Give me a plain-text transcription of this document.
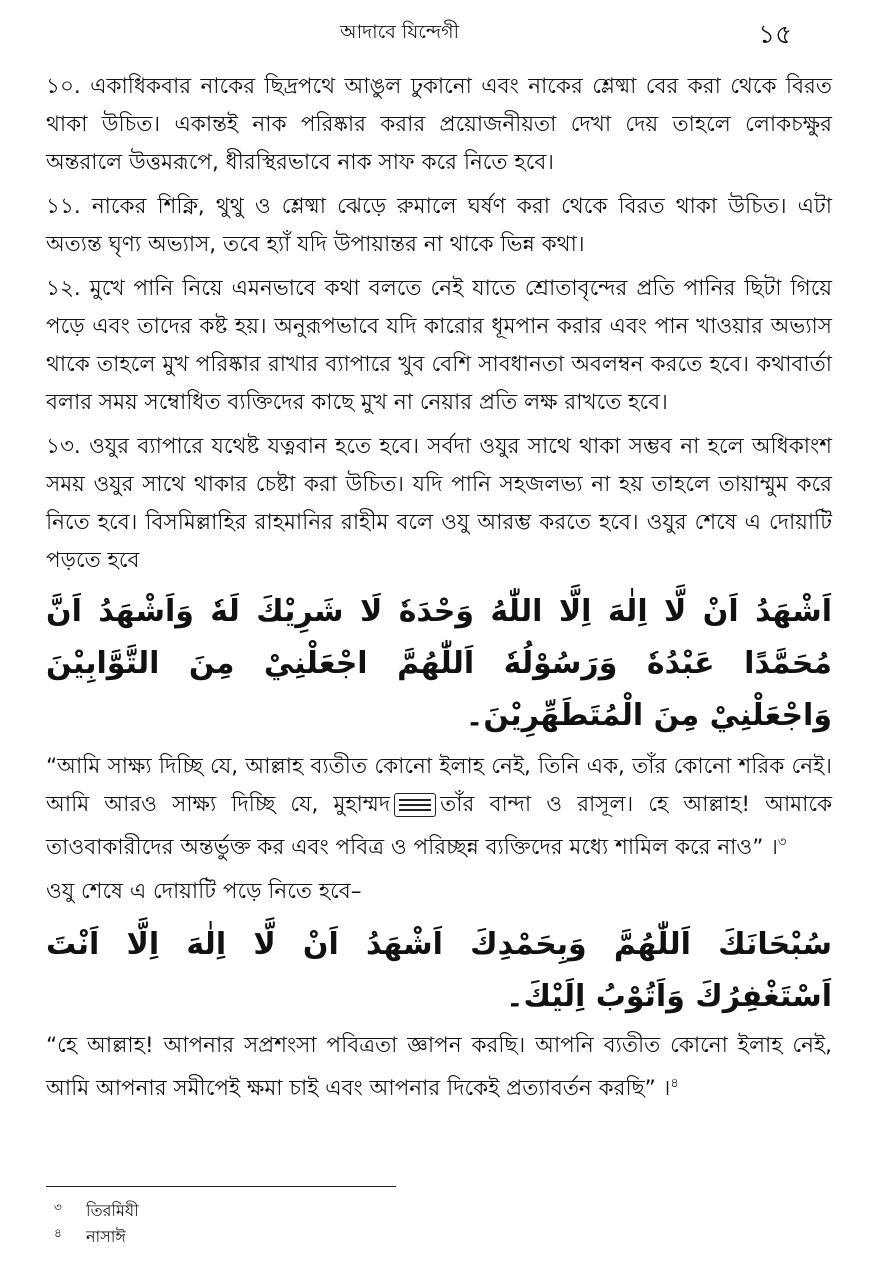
আদাবে যিন্দেগী	১৫

১০. একাধিকবার নাকের ছিদ্রপথে আঙুল ঢুকানো এবং নাকের শ্লেষ্মা বের করা থেকে বিরত থাকা উচিত। একান্তই নাক পরিষ্কার করার প্রয়োজনীয়তা দেখা দেয় তাহলে লোকচক্ষুর অন্তরালে উত্তমরূপে, ধীরস্থিরভাবে নাক সাফ করে নিতে হবে।

১১. নাকের শিক্নি, থুথু ও শ্লেষ্মা ঝেড়ে রুমালে ঘর্ষণ করা থেকে বিরত থাকা উচিত। এটা অত্যন্ত ঘৃণ্য অভ্যাস, তবে হ্যাঁ যদি উপায়ান্তর না থাকে ভিন্ন কথা।

১২. মুখে পানি নিয়ে এমনভাবে কথা বলতে নেই যাতে শ্রোতাবৃন্দের প্রতি পানির ছিটা গিয়ে পড়ে এবং তাদের কষ্ট হয়। অনুরূপভাবে যদি কারোর ধূমপান করার এবং পান খাওয়ার অভ্যাস থাকে তাহলে মুখ পরিষ্কার রাখার ব্যাপারে খুব বেশি সাবধানতা অবলম্বন করতে হবে। কথাবার্তা বলার সময় সম্বোধিত ব্যক্তিদের কাছে মুখ না নেয়ার প্রতি লক্ষ রাখতে হবে।

১৩. ওযুর ব্যাপারে যথেষ্ট যত্নবান হতে হবে। সর্বদা ওযুর সাথে থাকা সম্ভব না হলে অধিকাংশ সময় ওযুর সাথে থাকার চেষ্টা করা উচিত। যদি পানি সহজলভ্য না হয় তাহলে তায়াম্মুম করে নিতে হবে। বিসমিল্লাহির রাহমানির রাহীম বলে ওযু আরম্ভ করতে হবে। ওযুর শেষে এ দোয়াটি পড়তে হবে

اَشْهَدُ اَنْ لَّا اِلٰهَ اِلَّا اللّٰهُ وَحْدَهٗ لَا شَرِيْكَ لَهٗ وَاَشْهَدُ اَنَّ مُحَمَّدًا عَبْدُهٗ وَرَسُوْلُهٗ اَللّٰهُمَّ اجْعَلْنِيْ مِنَ التَّوَّابِيْنَ وَاجْعَلْنِيْ مِنَ الْمُتَطَهِّرِيْنَ۔

“আমি সাক্ষ্য দিচ্ছি যে, আল্লাহ ব্যতীত কোনো ইলাহ নেই, তিনি এক, তাঁর কোনো শরিক নেই। আমি আরও সাক্ষ্য দিচ্ছি যে, মুহাম্মদ তাঁর বান্দা ও রাসূল। হে আল্লাহ! আমাকে তাওবাকারীদের অন্তর্ভুক্ত কর এবং পবিত্র ও পরিচ্ছন্ন ব্যক্তিদের মধ্যে শামিল করে নাও” ।$^৩$

ওযু শেষে এ দোয়াটি পড়ে নিতে হবে–

سُبْحَانَكَ اَللّٰهُمَّ وَبِحَمْدِكَ اَشْهَدُ اَنْ لَّا اِلٰهَ اِلَّا اَنْتَ اَسْتَغْفِرُكَ وَاَتُوْبُ اِلَيْكَ۔

“হে আল্লাহ! আপনার সপ্রশংসা পবিত্রতা জ্ঞাপন করছি। আপনি ব্যতীত কোনো ইলাহ নেই, আমি আপনার সমীপেই ক্ষমা চাই এবং আপনার দিকেই প্রত্যাবর্তন করছি” ।$^৪$

৩ তিরমিযী
৪ নাসাঈ
